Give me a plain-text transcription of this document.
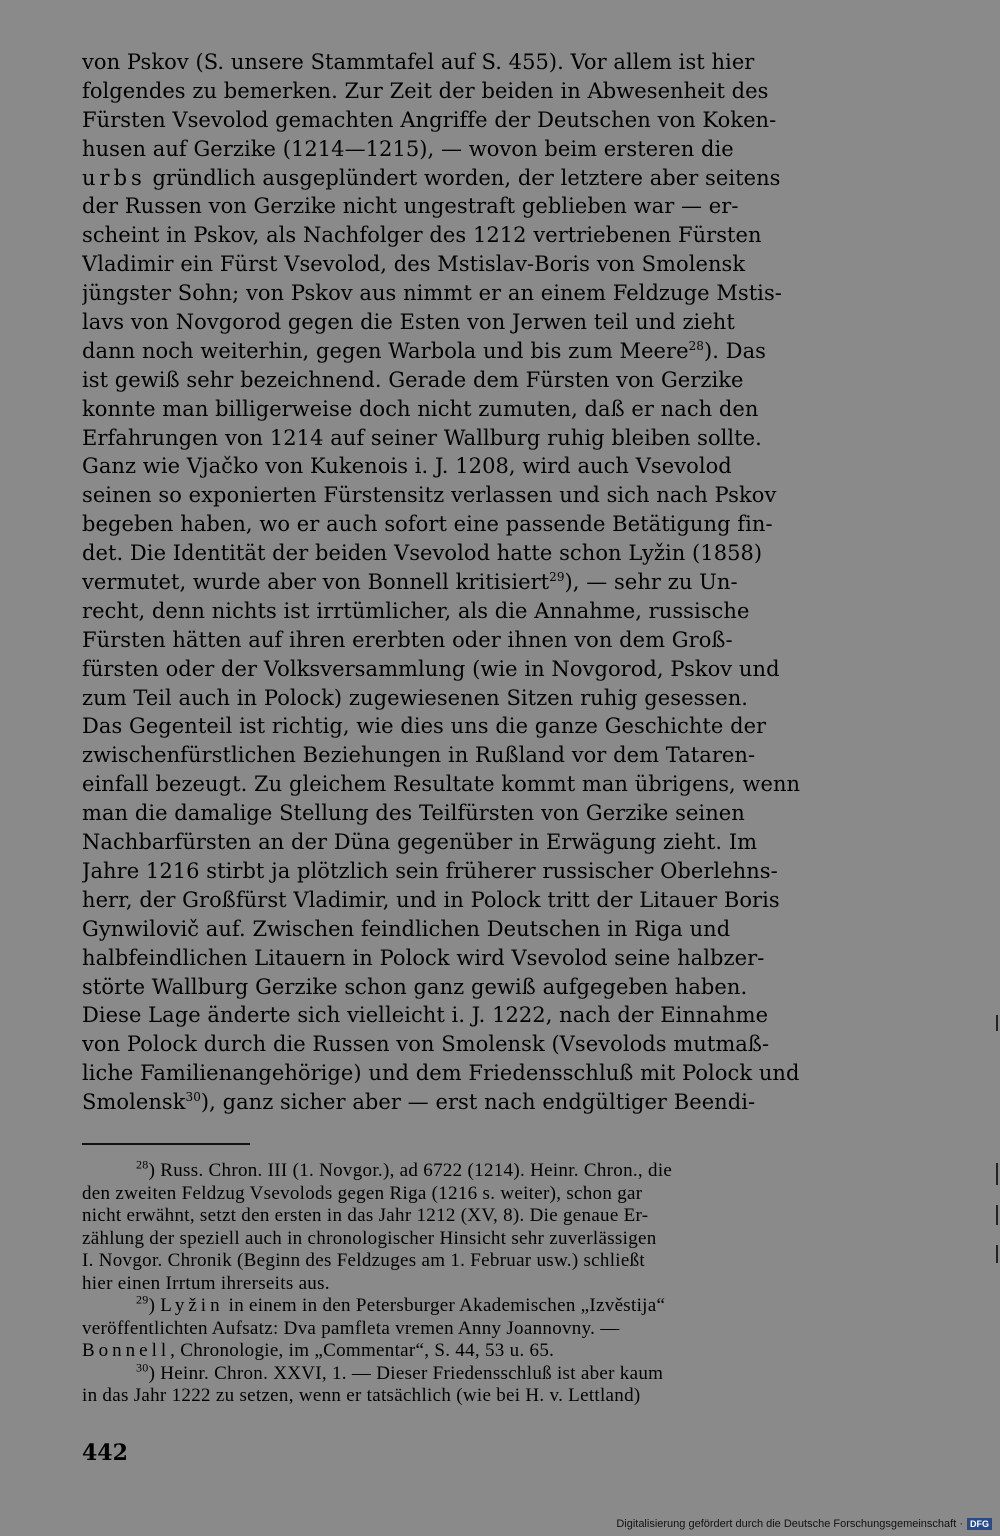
von Pskov (S. unsere Stammtafel auf S. 455). Vor allem ist hier
folgendes zu bemerken. Zur Zeit der beiden in Abwesenheit des
Fürsten Vsevolod gemachten Angriffe der Deutschen von Koken-
husen auf Gerzike (1214—1215), — wovon beim ersteren die
urbs gründlich ausgeplündert worden, der letztere aber seitens
der Russen von Gerzike nicht ungestraft geblieben war — er-
scheint in Pskov, als Nachfolger des 1212 vertriebenen Fürsten
Vladimir ein Fürst Vsevolod, des Mstislav-Boris von Smolensk
jüngster Sohn; von Pskov aus nimmt er an einem Feldzuge Mstis-
lavs von Novgorod gegen die Esten von Jerwen teil und zieht
dann noch weiterhin, gegen Warbola und bis zum Meere$^{28}$). Das
ist gewiß sehr bezeichnend. Gerade dem Fürsten von Gerzike
konnte man billigerweise doch nicht zumuten, daß er nach den
Erfahrungen von 1214 auf seiner Wallburg ruhig bleiben sollte.
Ganz wie Vjačko von Kukenois i. J. 1208, wird auch Vsevolod
seinen so exponierten Fürstensitz verlassen und sich nach Pskov
begeben haben, wo er auch sofort eine passende Betätigung fin-
det. Die Identität der beiden Vsevolod hatte schon Lyžin (1858)
vermutet, wurde aber von Bonnell kritisiert$^{29}$), — sehr zu Un-
recht, denn nichts ist irrtümlicher, als die Annahme, russische
Fürsten hätten auf ihren ererbten oder ihnen von dem Groß-
fürsten oder der Volksversammlung (wie in Novgorod, Pskov und
zum Teil auch in Polock) zugewiesenen Sitzen ruhig gesessen.
Das Gegenteil ist richtig, wie dies uns die ganze Geschichte der
zwischenfürstlichen Beziehungen in Rußland vor dem Tataren-
einfall bezeugt. Zu gleichem Resultate kommt man übrigens, wenn
man die damalige Stellung des Teilfürsten von Gerzike seinen
Nachbarfürsten an der Düna gegenüber in Erwägung zieht. Im
Jahre 1216 stirbt ja plötzlich sein früherer russischer Oberlehns-
herr, der Großfürst Vladimir, und in Polock tritt der Litauer Boris
Gynwilovič auf. Zwischen feindlichen Deutschen in Riga und
halbfeindlichen Litauern in Polock wird Vsevolod seine halbzer-
störte Wallburg Gerzike schon ganz gewiß aufgegeben haben.
Diese Lage änderte sich vielleicht i. J. 1222, nach der Einnahme
von Polock durch die Russen von Smolensk (Vsevolods mutmaß-
liche Familienangehörige) und dem Friedensschluß mit Polock und
Smolensk$^{30}$), ganz sicher aber — erst nach endgültiger Beendi-
$^{28}$) Russ. Chron. III (1. Novgor.), ad 6722 (1214). Heinr. Chron., die
den zweiten Feldzug Vsevolods gegen Riga (1216 s. weiter), schon gar
nicht erwähnt, setzt den ersten in das Jahr 1212 (XV, 8). Die genaue Er-
zählung der speziell auch in chronologischer Hinsicht sehr zuverlässigen
I. Novgor. Chronik (Beginn des Feldzuges am 1. Februar usw.) schließt
hier einen Irrtum ihrerseits aus.
$^{29}$) Lyžin in einem in den Petersburger Akademischen „Izvěstija“
veröffentlichten Aufsatz: Dva pamfleta vremen Anny Joannovny. —
Bonnell, Chronologie, im „Commentar“, S. 44, 53 u. 65.
$^{30}$) Heinr. Chron. XXVI, 1. — Dieser Friedensschluß ist aber kaum
in das Jahr 1222 zu setzen, wenn er tatsächlich (wie bei H. v. Lettland)
442
Digitalisierung gefördert durch die Deutsche Forschungsgemeinschaft · DFG
